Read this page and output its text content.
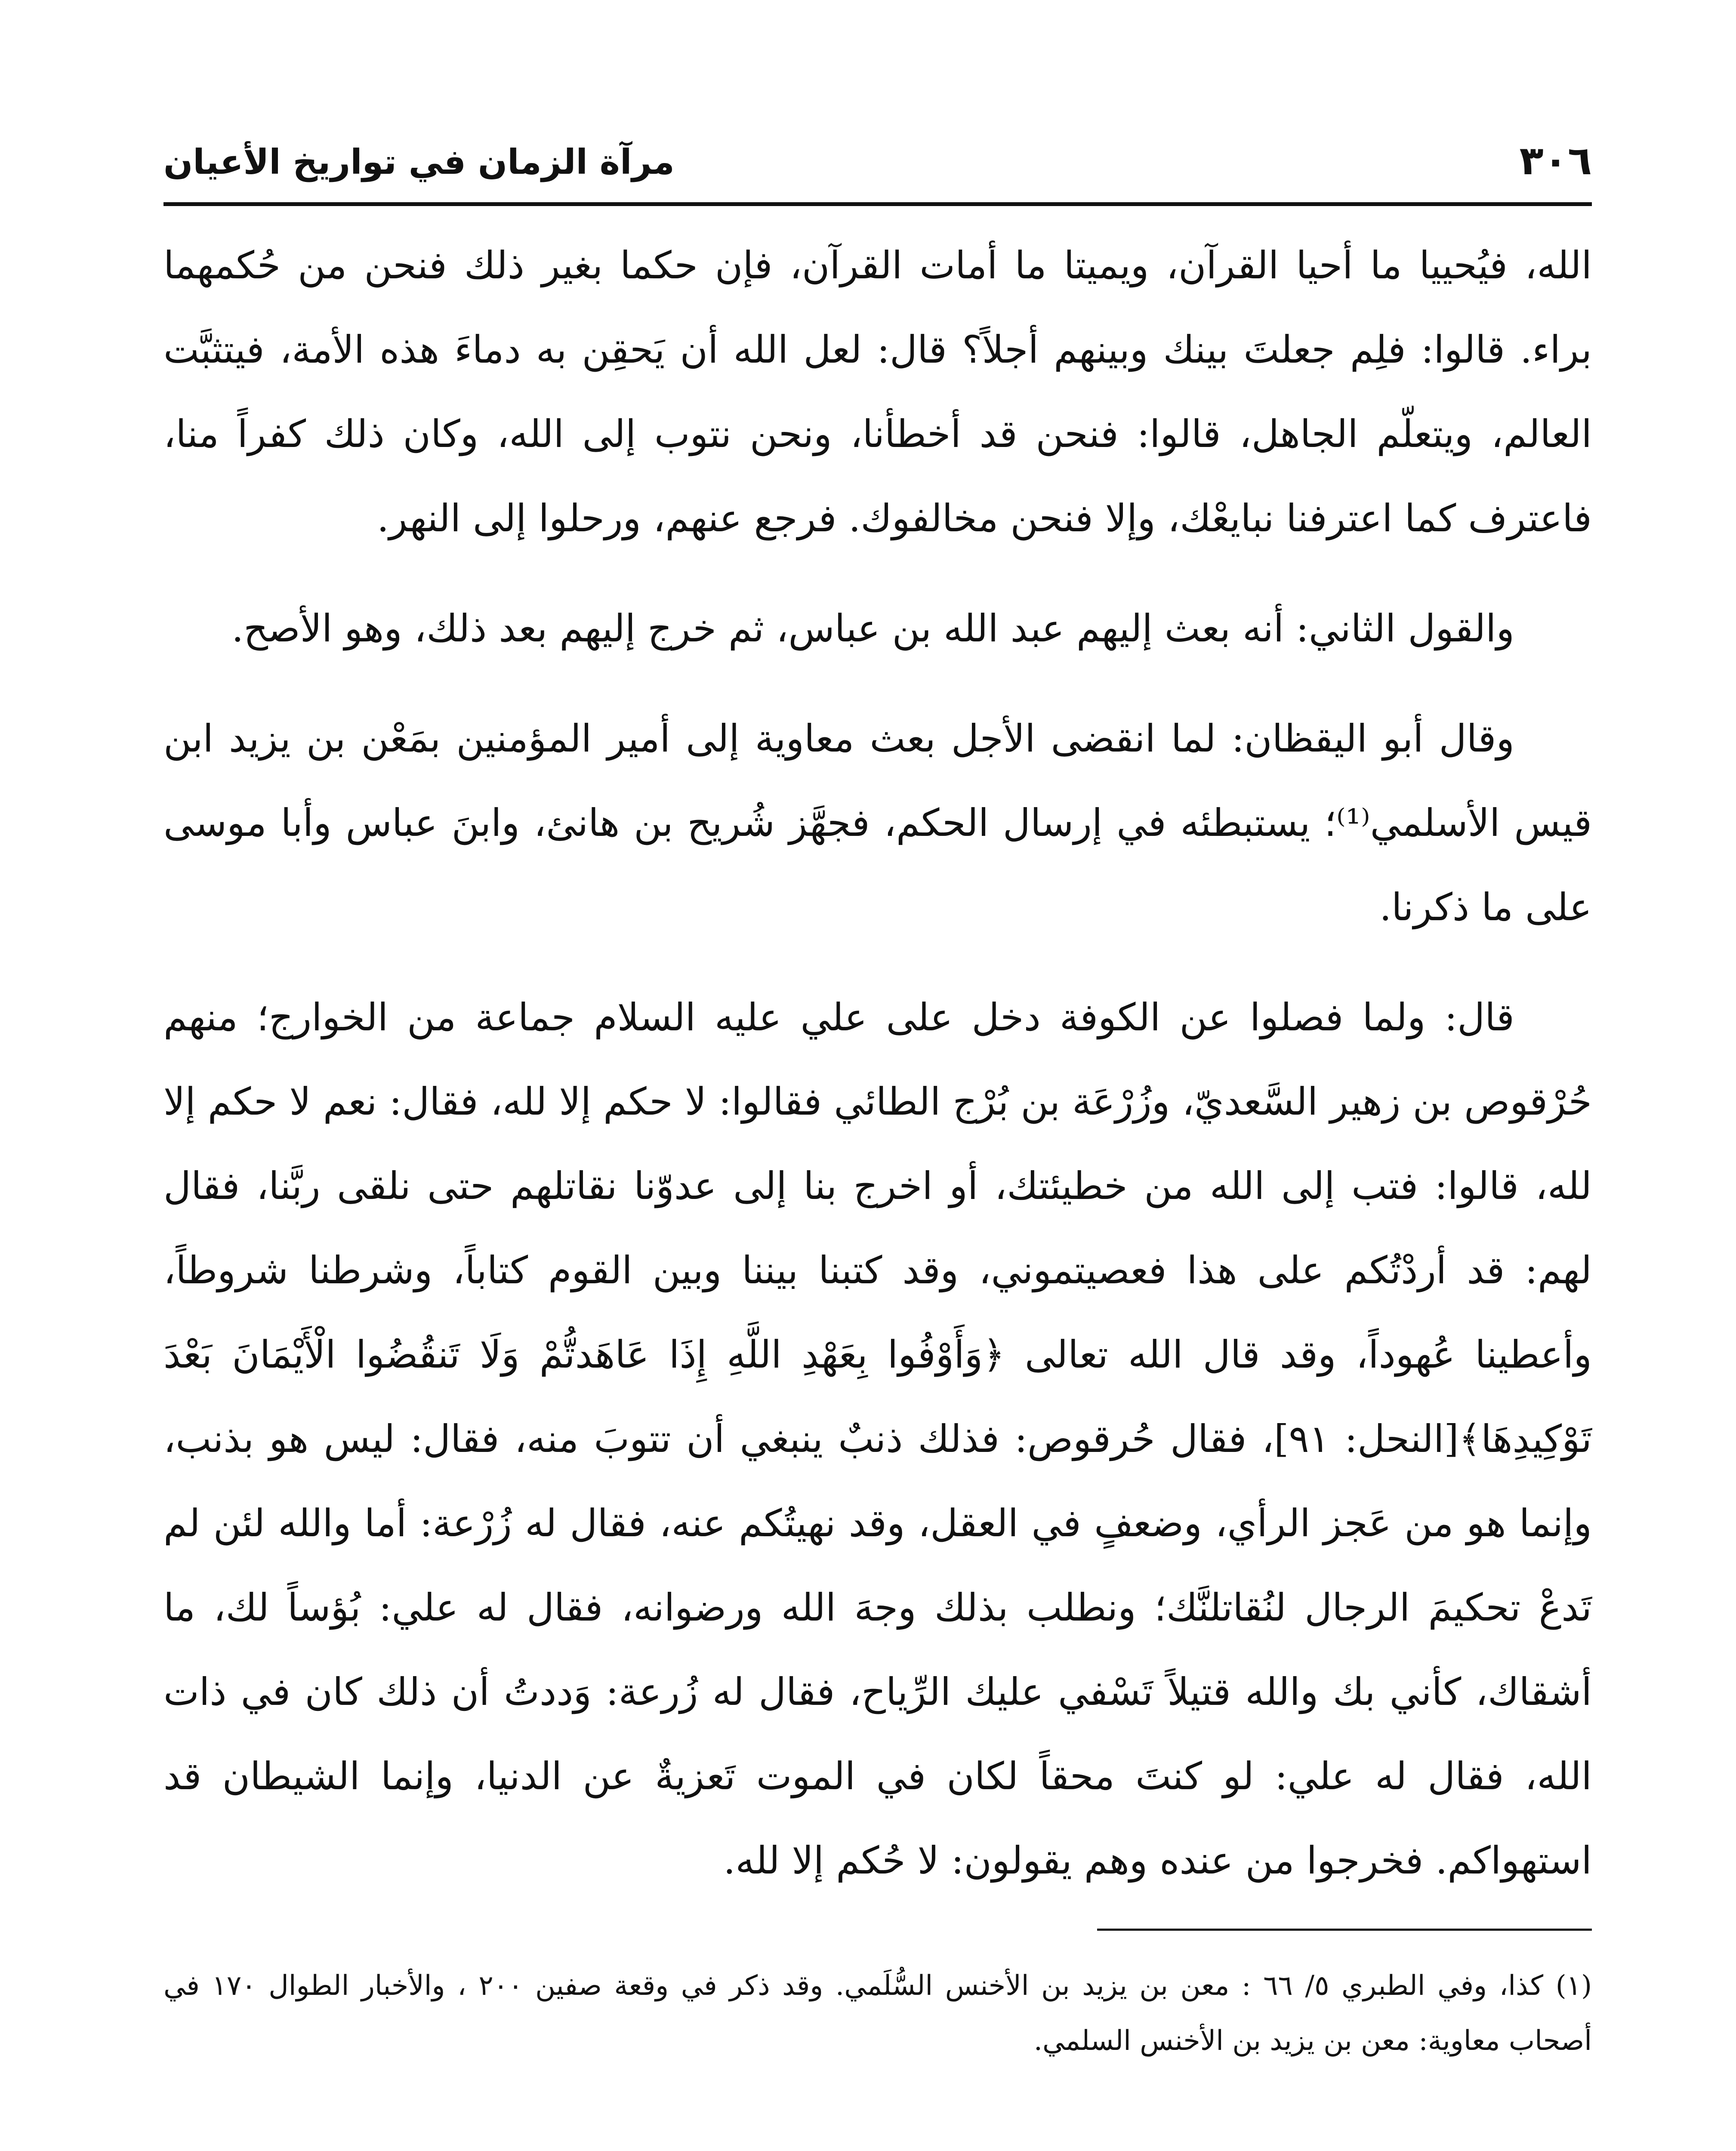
٣٠٦
مرآة الزمان في تواريخ الأعيان

الله، فيُحييا ما أحيا القرآن، ويميتا ما أمات القرآن، فإن حكما بغير ذلك فنحن من حُكمهما براء. قالوا: فلِم جعلتَ بينك وبينهم أجلاً؟ قال: لعل الله أن يَحقِن به دماءَ هذه الأمة، فيتثبَّت العالم، ويتعلّم الجاهل، قالوا: فنحن قد أخطأنا، ونحن نتوب إلى الله، وكان ذلك كفراً منا، فاعترف كما اعترفنا نبايعْك، وإلا فنحن مخالفوك. فرجع عنهم، ورحلوا إلى النهر.

والقول الثاني: أنه بعث إليهم عبد الله بن عباس، ثم خرج إليهم بعد ذلك، وهو الأصح.

وقال أبو اليقظان: لما انقضى الأجل بعث معاوية إلى أمير المؤمنين بمَعْن بن يزيد ابن قيس الأسلمي⁽¹⁾؛ يستبطئه في إرسال الحكم، فجهَّز شُريح بن هانئ، وابنَ عباس وأبا موسى على ما ذكرنا.

قال: ولما فصلوا عن الكوفة دخل على علي عليه السلام جماعة من الخوارج؛ منهم حُرْقوص بن زهير السَّعديّ، وزُرْعَة بن بُرْج الطائي فقالوا: لا حكم إلا لله، فقال: نعم لا حكم إلا لله، قالوا: فتب إلى الله من خطيئتك، أو اخرج بنا إلى عدوّنا نقاتلهم حتى نلقى ربَّنا، فقال لهم: قد أردْتُكم على هذا فعصيتموني، وقد كتبنا بيننا وبين القوم كتاباً، وشرطنا شروطاً، وأعطينا عُهوداً، وقد قال الله تعالى ﴿وَأَوْفُوا بِعَهْدِ اللَّهِ إِذَا عَاهَدتُّمْ وَلَا تَنقُضُوا الْأَيْمَانَ بَعْدَ تَوْكِيدِهَا﴾[النحل: ٩١]، فقال حُرقوص: فذلك ذنبٌ ينبغي أن تتوبَ منه، فقال: ليس هو بذنب، وإنما هو من عَجز الرأي، وضعفٍ في العقل، وقد نهيتُكم عنه، فقال له زُرْعة: أما والله لئن لم تَدعْ تحكيمَ الرجال لنُقاتلنَّك؛ ونطلب بذلك وجهَ الله ورضوانه، فقال له علي: بُؤساً لك، ما أشقاك، كأني بك والله قتيلاً تَسْفي عليك الرِّياح، فقال له زُرعة: وَددتُ أن ذلك كان في ذات الله، فقال له علي: لو كنتَ محقاً لكان في الموت تَعزيةٌ عن الدنيا، وإنما الشيطان قد استهواكم. فخرجوا من عنده وهم يقولون: لا حُكم إلا لله.

(١) كذا، وفي الطبري ٥/ ٦٦ : معن بن يزيد بن الأخنس السُّلَمي. وقد ذكر في وقعة صفين ٢٠٠ ، والأخبار الطوال ١٧٠ في أصحاب معاوية: معن بن يزيد بن الأخنس السلمي.
